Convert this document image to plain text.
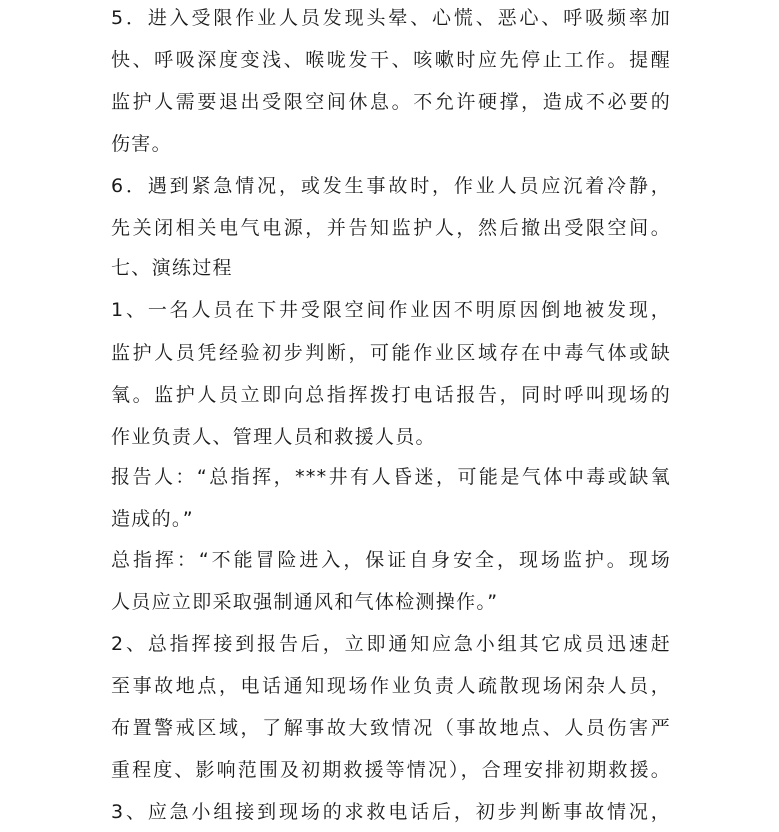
5．进入受限作业人员发现头晕、心慌、恶心、呼吸频率加
快、呼吸深度变浅、喉咙发干、咳嗽时应先停止工作。提醒
监护人需要退出受限空间休息。不允许硬撑，造成不必要的
伤害。
6．遇到紧急情况，或发生事故时，作业人员应沉着冷静，
先关闭相关电气电源，并告知监护人，然后撤出受限空间。
七、演练过程
1、一名人员在下井受限空间作业因不明原因倒地被发现，
监护人员凭经验初步判断，可能作业区域存在中毒气体或缺
氧。监护人员立即向总指挥拨打电话报告，同时呼叫现场的
作业负责人、管理人员和救援人员。
报告人：“总指挥，***井有人昏迷，可能是气体中毒或缺氧
造成的。”
总指挥：“不能冒险进入，保证自身安全，现场监护。现场
人员应立即采取强制通风和气体检测操作。”
2、总指挥接到报告后，立即通知应急小组其它成员迅速赶
至事故地点，电话通知现场作业负责人疏散现场闲杂人员，
布置警戒区域，了解事故大致情况（事故地点、人员伤害严
重程度、影响范围及初期救援等情况），合理安排初期救援。
3、应急小组接到现场的求救电话后，初步判断事故情况，
